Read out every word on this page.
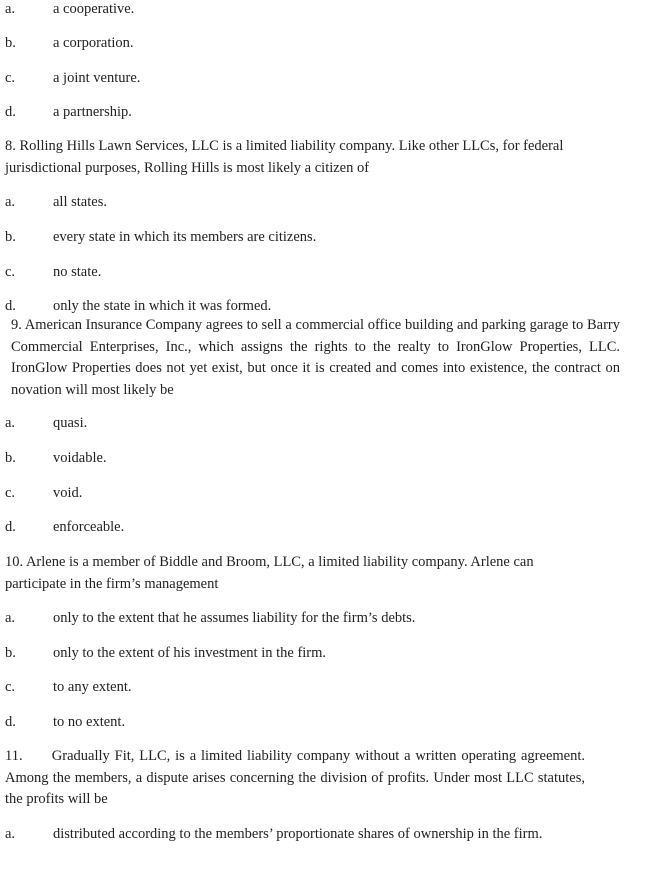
a.	a cooperative.
b.	a corporation.
c.	a joint venture.
d.	a partnership.
8. Rolling Hills Lawn Services, LLC is a limited liability company. Like other LLCs, for federal jurisdictional purposes, Rolling Hills is most likely a citizen of
a.	all states.
b.	every state in which its members are citizens.
c.	no state.
d.	only the state in which it was formed.
9. American Insurance Company agrees to sell a commercial office building and parking garage to Barry Commercial Enterprises, Inc., which assigns the rights to the realty to IronGlow Properties, LLC. IronGlow Properties does not yet exist, but once it is created and comes into existence, the contract on novation will most likely be
a.	quasi.
b.	voidable.
c.	void.
d.	enforceable.
10. Arlene is a member of Biddle and Broom, LLC, a limited liability company. Arlene can participate in the firm’s management
a.	only to the extent that he assumes liability for the firm’s debts.
b.	only to the extent of his investment in the firm.
c.	to any extent.
d.	to no extent.
11.      Gradually Fit, LLC, is a limited liability company without a written operating agreement. Among the members, a dispute arises concerning the division of profits. Under most LLC statutes, the profits will be
a.	distributed according to the members’ proportionate shares of ownership in the firm.
